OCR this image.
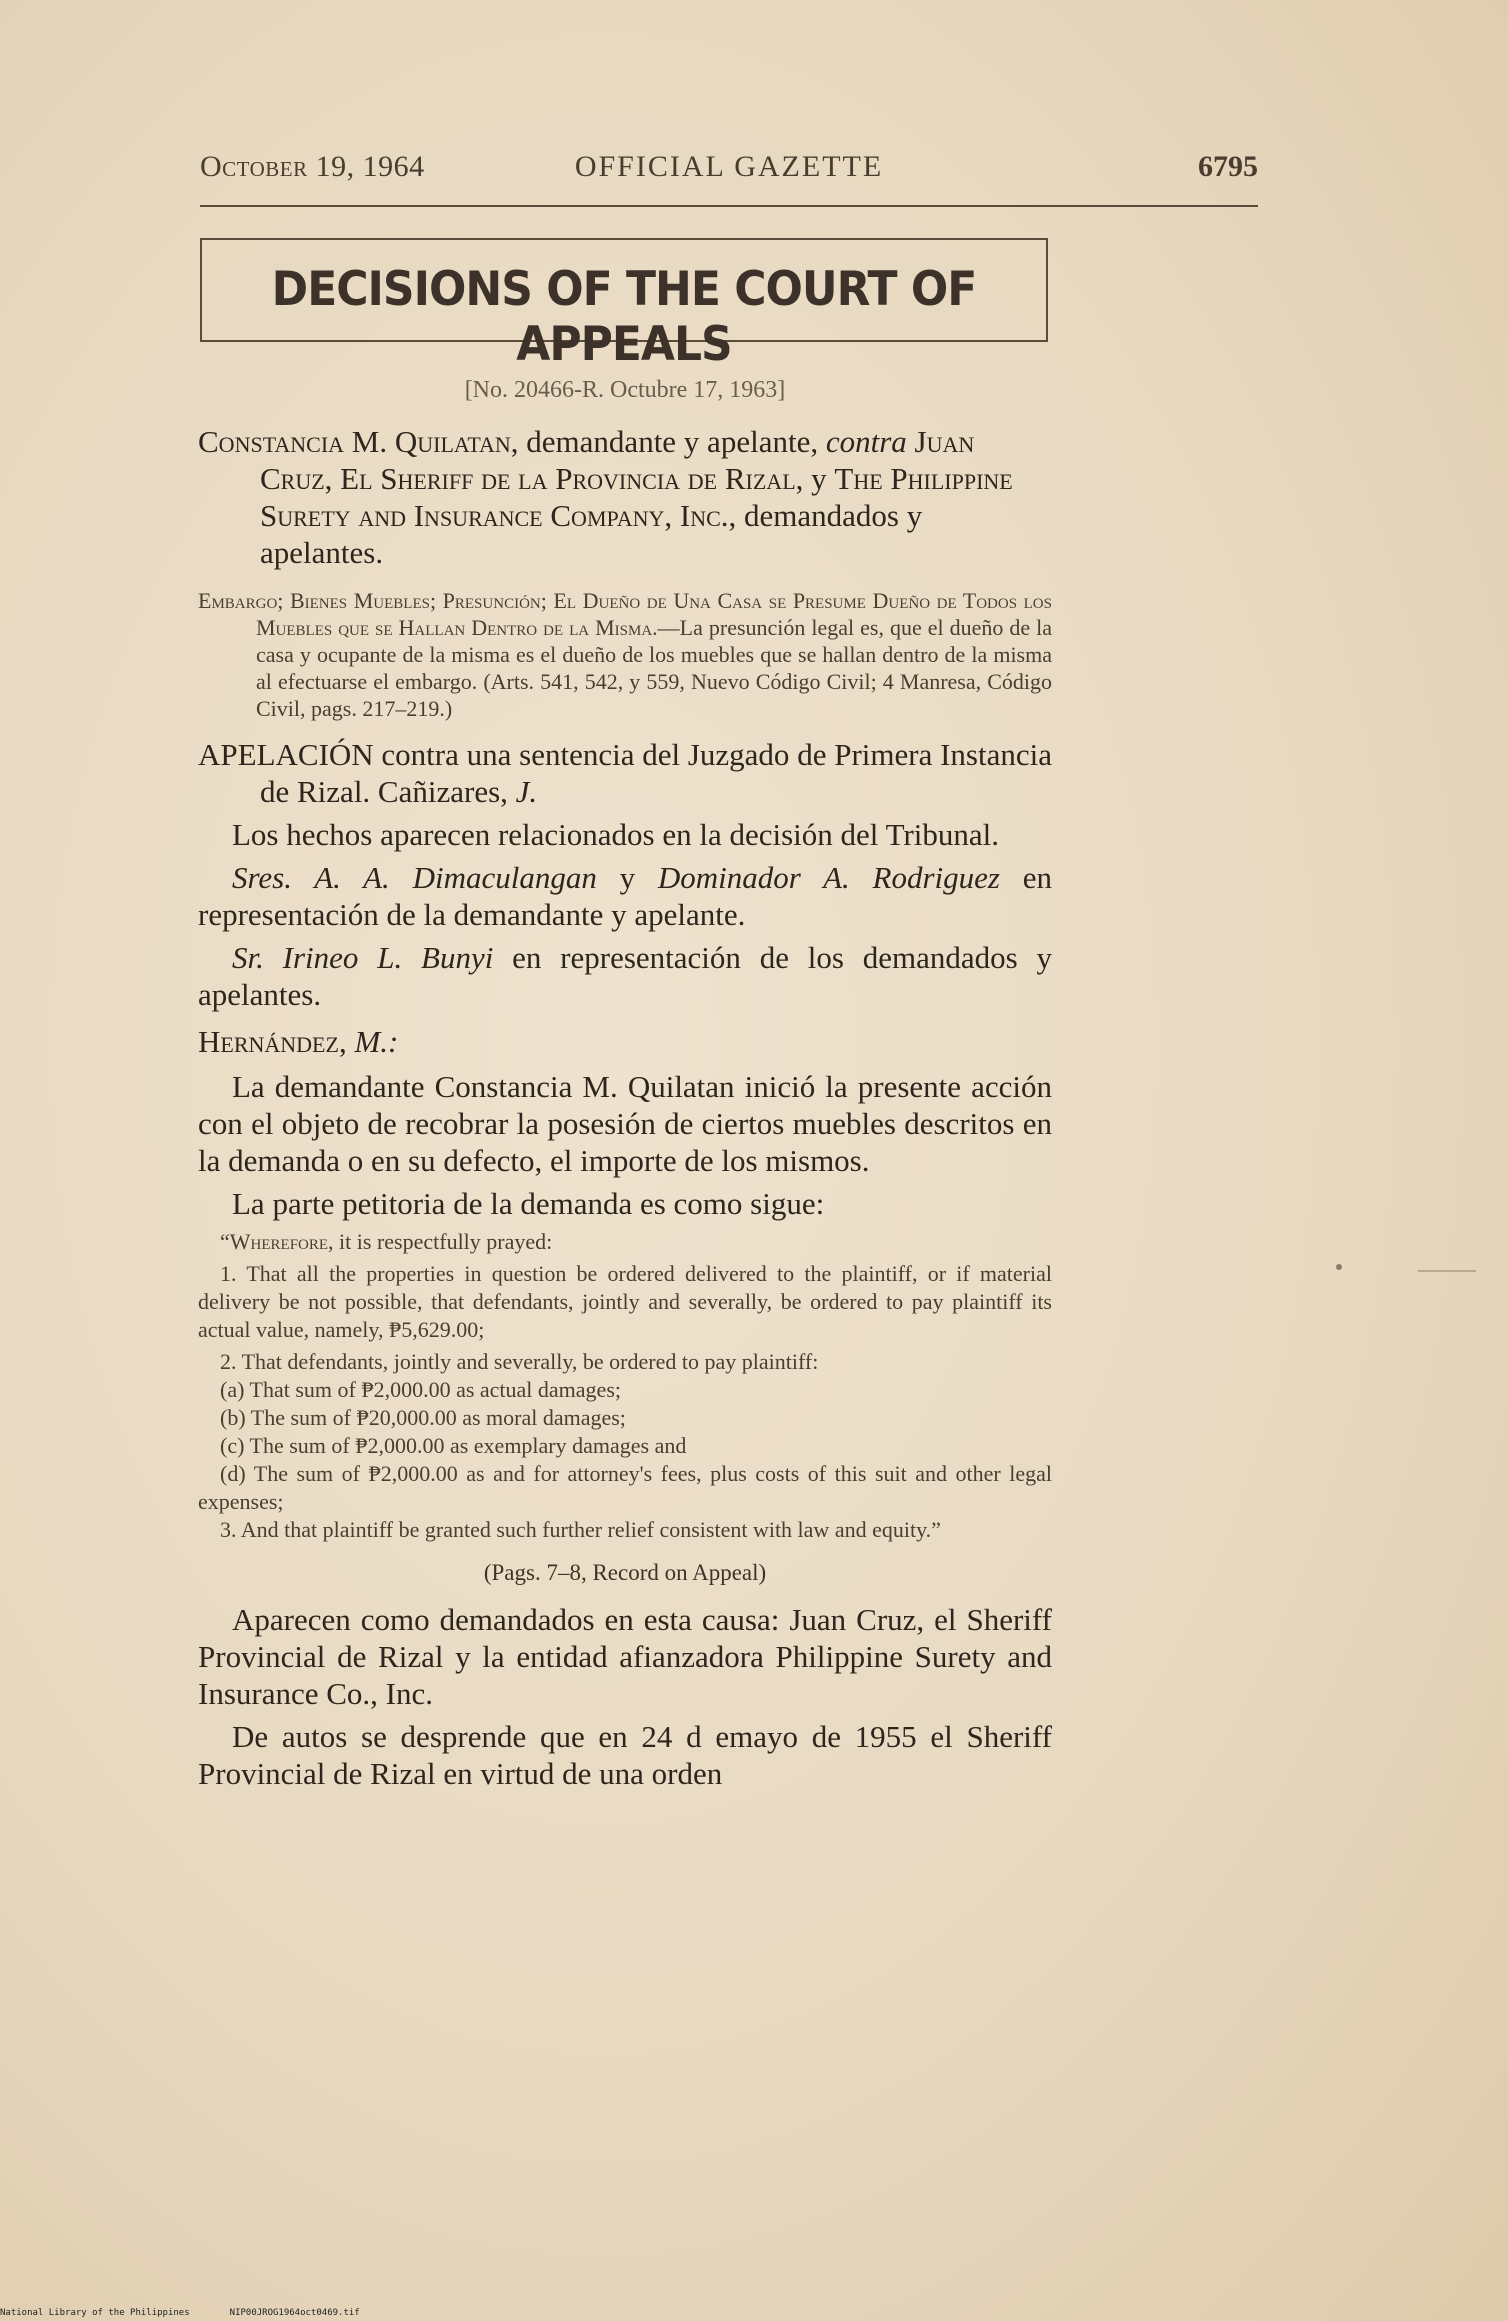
October 19, 1964	OFFICIAL GAZETTE	6795
DECISIONS OF THE COURT OF APPEALS
[No. 20466-R. Octubre 17, 1963]

Constancia M. Quilatan, demandante y apelante, contra Juan Cruz, El Sheriff de la Provincia de Rizal, y The Philippine Surety and Insurance Company, Inc., demandados y apelantes.

Embargo; Bienes Muebles; Presunción; El Dueño de Una Casa se Presume Dueño de Todos los Muebles que se Hallan Dentro de la Misma.—La presunción legal es, que el dueño de la casa y ocupante de la misma es el dueño de los muebles que se hallan dentro de la misma al efectuarse el embargo. (Arts. 541, 542, y 559, Nuevo Código Civil; 4 Manresa, Código Civil, pags. 217–219.)

APELACIÓN contra una sentencia del Juzgado de Primera Instancia de Rizal. Cañizares, J.

Los hechos aparecen relacionados en la decisión del Tribunal.

Sres. A. A. Dimaculangan y Dominador A. Rodriguez en representación de la demandante y apelante.

Sr. Irineo L. Bunyi en representación de los demandados y apelantes.

Hernández, M.:

La demandante Constancia M. Quilatan inició la presente acción con el objeto de recobrar la posesión de ciertos muebles descritos en la demanda o en su defecto, el importe de los mismos.

La parte petitoria de la demanda es como sigue:

“Wherefore, it is respectfully prayed:

1. That all the properties in question be ordered delivered to the plaintiff, or if material delivery be not possible, that defendants, jointly and severally, be ordered to pay plaintiff its actual value, namely, ₱5,629.00;

2. That defendants, jointly and severally, be ordered to pay plaintiff:

(a) That sum of ₱2,000.00 as actual damages;

(b) The sum of ₱20,000.00 as moral damages;

(c) The sum of ₱2,000.00 as exemplary damages and

(d) The sum of ₱2,000.00 as and for attorney's fees, plus costs of this suit and other legal expenses;

3. And that plaintiff be granted such further relief consistent with law and equity.”

(Pags. 7–8, Record on Appeal)

Aparecen como demandados en esta causa: Juan Cruz, el Sheriff Provincial de Rizal y la entidad afianzadora Philippine Surety and Insurance Co., Inc.

De autos se desprende que en 24 d emayo de 1955 el Sheriff Provincial de Rizal en virtud de una orden

National Library of the Philippines	NIP00JROG1964oct0469.tif
